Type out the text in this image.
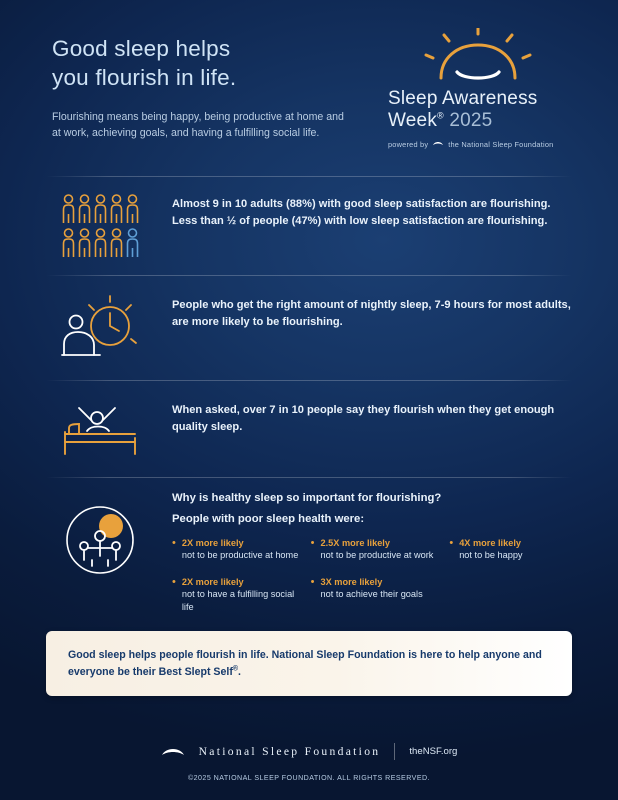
Good sleep helps
you flourish in life.
Flourishing means being happy, being productive at home and at work, achieving goals, and having a fulfilling social life.
Sleep Awareness
Week® 2025
powered by	the National Sleep Foundation
Almost 9 in 10 adults (88%) with good sleep satisfaction are flourishing. Less than ½ of people (47%) with low sleep satisfaction are flourishing.
People who get the right amount of nightly sleep, 7-9 hours for most adults, are more likely to be flourishing.
When asked, over 7 in 10 people say they flourish when they get enough quality sleep.
Why is healthy sleep so important for flourishing?
People with poor sleep health were:
• 2X more likely
not to be productive at home
• 2.5X more likely
not to be productive at work
• 4X more likely
not to be happy
• 2X more likely
not to have a fulfilling social life
• 3X more likely
not to achieve their goals
Good sleep helps people flourish in life. National Sleep Foundation is here to help anyone and everyone be their Best Slept Self®.
National Sleep Foundation	theNSF.org
©2025 NATIONAL SLEEP FOUNDATION. ALL RIGHTS RESERVED.
